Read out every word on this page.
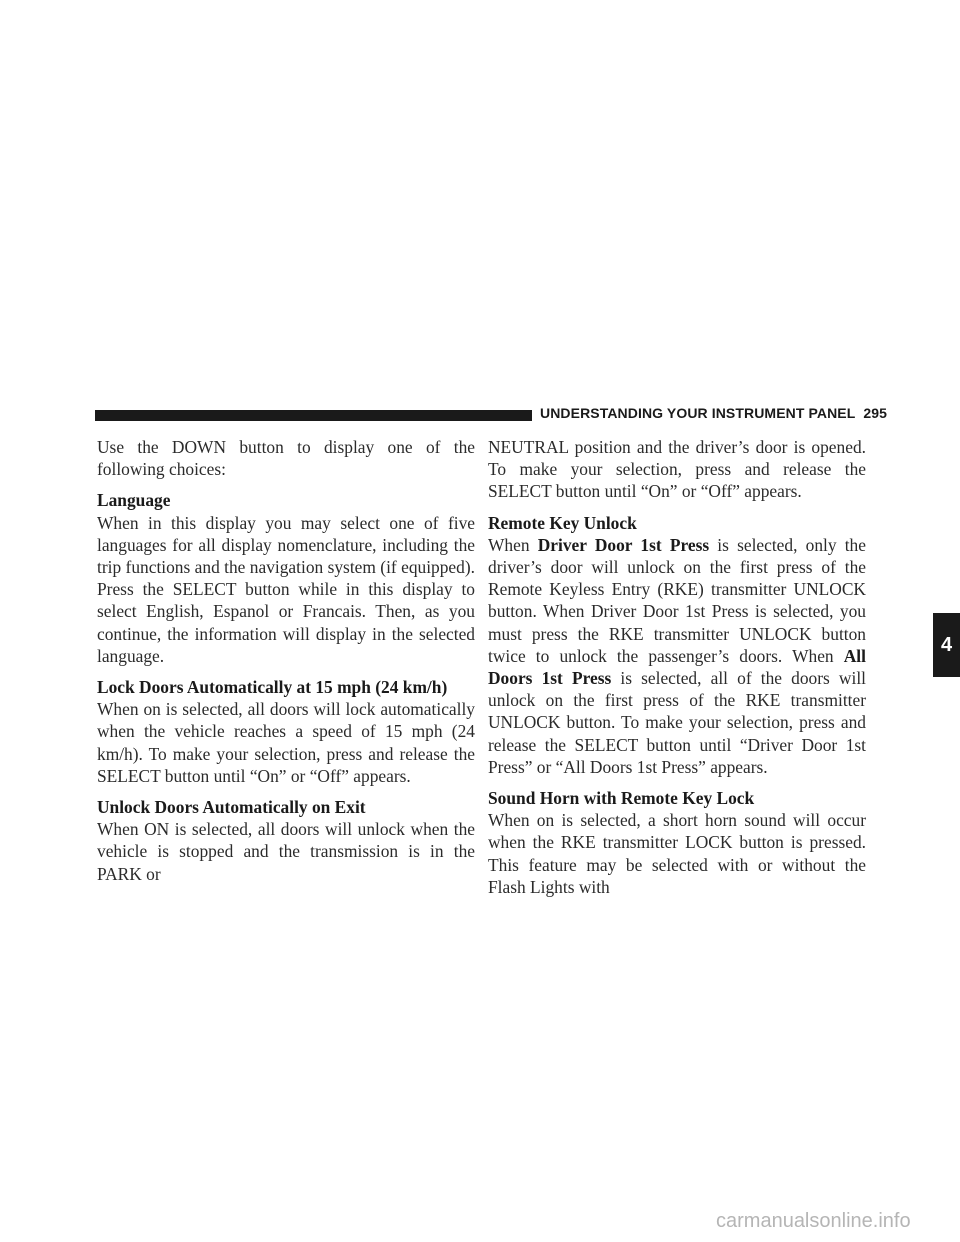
UNDERSTANDING YOUR INSTRUMENT PANEL 295

Use the DOWN button to display one of the following choices:

Language

When in this display you may select one of five languages for all display nomenclature, including the trip functions and the navigation system (if equipped). Press the SELECT button while in this display to select English, Espanol or Francais. Then, as you continue, the information will display in the selected language.

Lock Doors Automatically at 15 mph (24 km/h)

When on is selected, all doors will lock automatically when the vehicle reaches a speed of 15 mph (24 km/h). To make your selection, press and release the SELECT button until “On” or “Off” appears.

Unlock Doors Automatically on Exit

When ON is selected, all doors will unlock when the vehicle is stopped and the transmission is in the PARK or

NEUTRAL position and the driver’s door is opened. To make your selection, press and release the SELECT button until “On” or “Off” appears.

Remote Key Unlock

When Driver Door 1st Press is selected, only the driver’s door will unlock on the first press of the Remote Keyless Entry (RKE) transmitter UNLOCK button. When Driver Door 1st Press is selected, you must press the RKE transmitter UNLOCK button twice to unlock the passenger’s doors. When All Doors 1st Press is selected, all of the doors will unlock on the first press of the RKE transmitter UNLOCK button. To make your selection, press and release the SELECT button until “Driver Door 1st Press” or “All Doors 1st Press” appears.

Sound Horn with Remote Key Lock

When on is selected, a short horn sound will occur when the RKE transmitter LOCK button is pressed. This feature may be selected with or without the Flash Lights with

4
carmanualsonline.info
